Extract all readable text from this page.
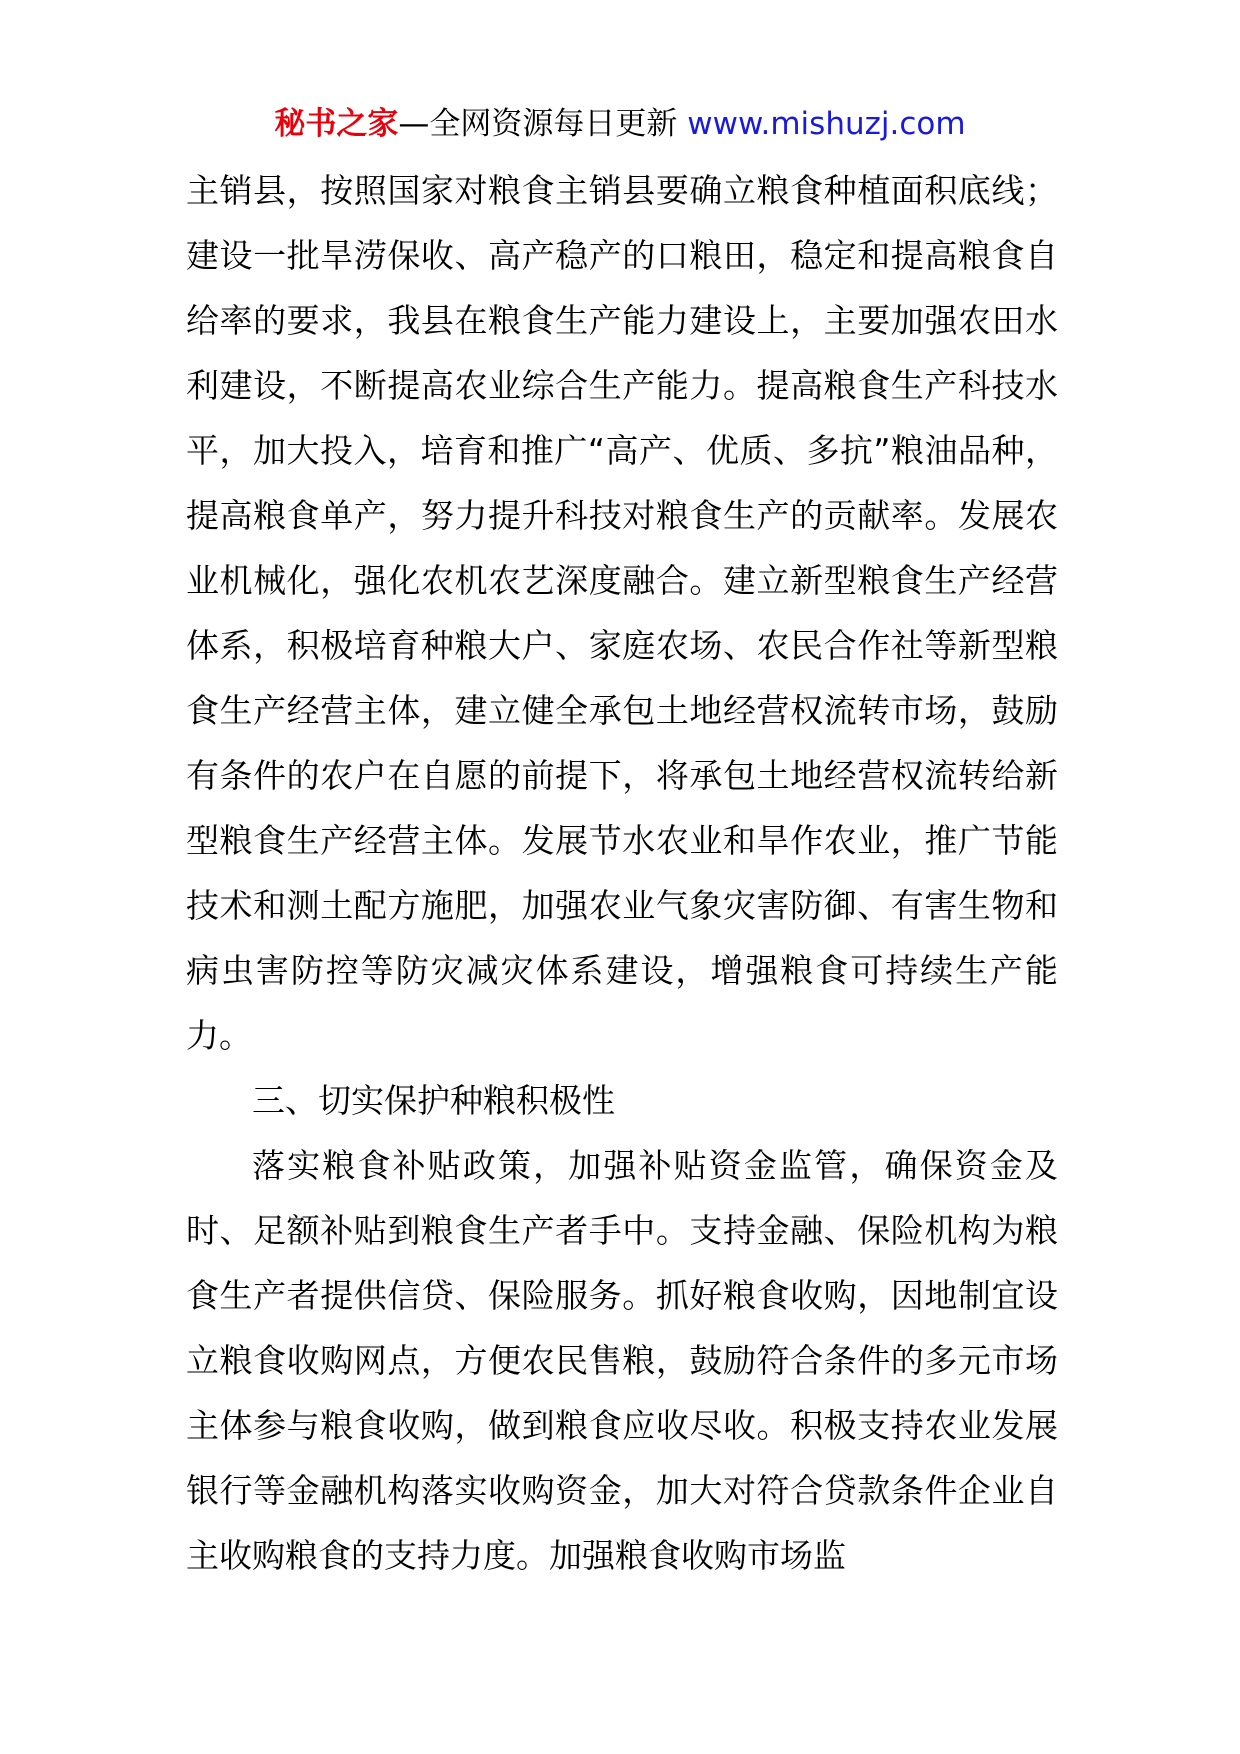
秘书之家—全网资源每日更新 www.mishuzj.com

主销县，按照国家对粮食主销县要确立粮食种植面积底线；建设一批旱涝保收、高产稳产的口粮田，稳定和提高粮食自给率的要求，我县在粮食生产能力建设上，主要加强农田水利建设，不断提高农业综合生产能力。提高粮食生产科技水平，加大投入，培育和推广“高产、优质、多抗”粮油品种，提高粮食单产，努力提升科技对粮食生产的贡献率。发展农业机械化，强化农机农艺深度融合。建立新型粮食生产经营体系，积极培育种粮大户、家庭农场、农民合作社等新型粮食生产经营主体，建立健全承包土地经营权流转市场，鼓励有条件的农户在自愿的前提下，将承包土地经营权流转给新型粮食生产经营主体。发展节水农业和旱作农业，推广节能技术和测土配方施肥，加强农业气象灾害防御、有害生物和病虫害防控等防灾减灾体系建设，增强粮食可持续生产能力。

三、切实保护种粮积极性

落实粮食补贴政策，加强补贴资金监管，确保资金及时、足额补贴到粮食生产者手中。支持金融、保险机构为粮食生产者提供信贷、保险服务。抓好粮食收购，因地制宜设立粮食收购网点，方便农民售粮，鼓励符合条件的多元市场主体参与粮食收购，做到粮食应收尽收。积极支持农业发展银行等金融机构落实收购资金，加大对符合贷款条件企业自主收购粮食的支持力度。加强粮食收购市场监
